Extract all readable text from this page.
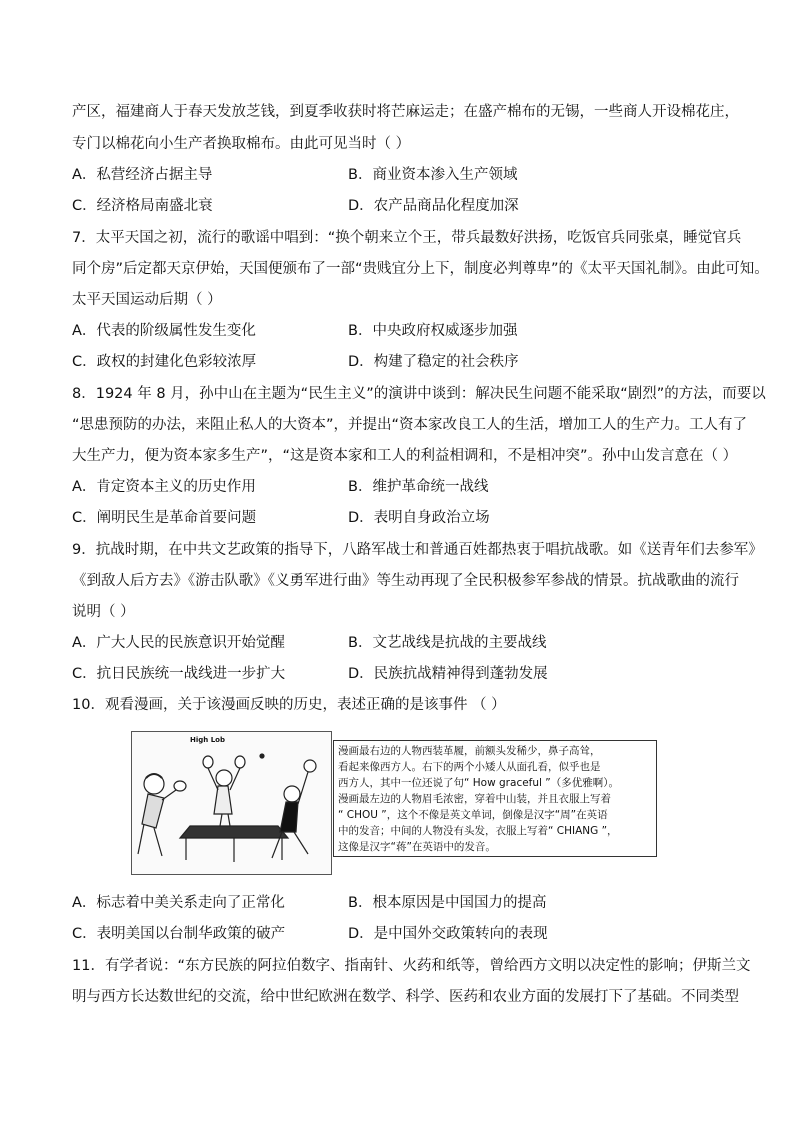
产区，福建商人于春天发放芝钱，到夏季收获时将芒麻运走；在盛产棉布的无锡，一些商人开设棉花庄，
专门以棉花向小生产者换取棉布。由此可见当时（ ）
A．私营经济占据主导	B．商业资本渗入生产领域
C．经济格局南盛北衰	D．农产品商品化程度加深
7．太平天国之初，流行的歌谣中唱到：“换个朝来立个王，带兵最数好洪扬，吃饭官兵同张桌，睡觉官兵
同个房”后定都天京伊始，天国便颁布了一部“贵贱宜分上下，制度必判尊卑”的《太平天国礼制》。由此可知。
太平天国运动后期（ ）
A．代表的阶级属性发生变化	B．中央政府权威逐步加强
C．政权的封建化色彩较浓厚	D．构建了稳定的社会秩序
8．1924 年 8 月，孙中山在主题为“民生主义”的演讲中谈到：解决民生问题不能采取“剧烈”的方法，而要以
“思患预防的办法，来阻止私人的大资本”，并提出“资本家改良工人的生活，增加工人的生产力。工人有了
大生产力，便为资本家多生产”，“这是资本家和工人的利益相调和，不是相冲突”。孙中山发言意在（ ）
A．肯定资本主义的历史作用	B．维护革命统一战线
C．阐明民生是革命首要问题	D．表明自身政治立场
9．抗战时期，在中共文艺政策的指导下，八路军战士和普通百姓都热衷于唱抗战歌。如《送青年们去参军》
《到敌人后方去》《游击队歌》《义勇军进行曲》等生动再现了全民积极参军参战的情景。抗战歌曲的流行
说明（ ）
A．广大人民的民族意识开始觉醒	B．文艺战线是抗战的主要战线
C．抗日民族统一战线进一步扩大	D．民族抗战精神得到蓬勃发展
10．观看漫画，关于该漫画反映的历史，表述正确的是该事件 （ ）
High Lob
漫画最右边的人物西装革履，前额头发稀少，鼻子高耸，
看起来像西方人。右下的两个小矮人从面孔看，似乎也是
西方人，其中一位还说了句“ How graceful ”（多优雅啊）。
漫画最左边的人物眉毛浓密，穿着中山装，并且衣服上写着
“ CHOU ”，这个不像是英文单词，倒像是汉字“周”在英语
中的发音；中间的人物没有头发，衣服上写着“ CHIANG ”，
这像是汉字“蒋”在英语中的发音。
A．标志着中美关系走向了正常化	B．根本原因是中国国力的提高
C．表明美国以台制华政策的破产	D．是中国外交政策转向的表现
11．有学者说：“东方民族的阿拉伯数字、指南针、火药和纸等，曾给西方文明以决定性的影响；伊斯兰文
明与西方长达数世纪的交流，给中世纪欧洲在数学、科学、医药和农业方面的发展打下了基础。不同类型
